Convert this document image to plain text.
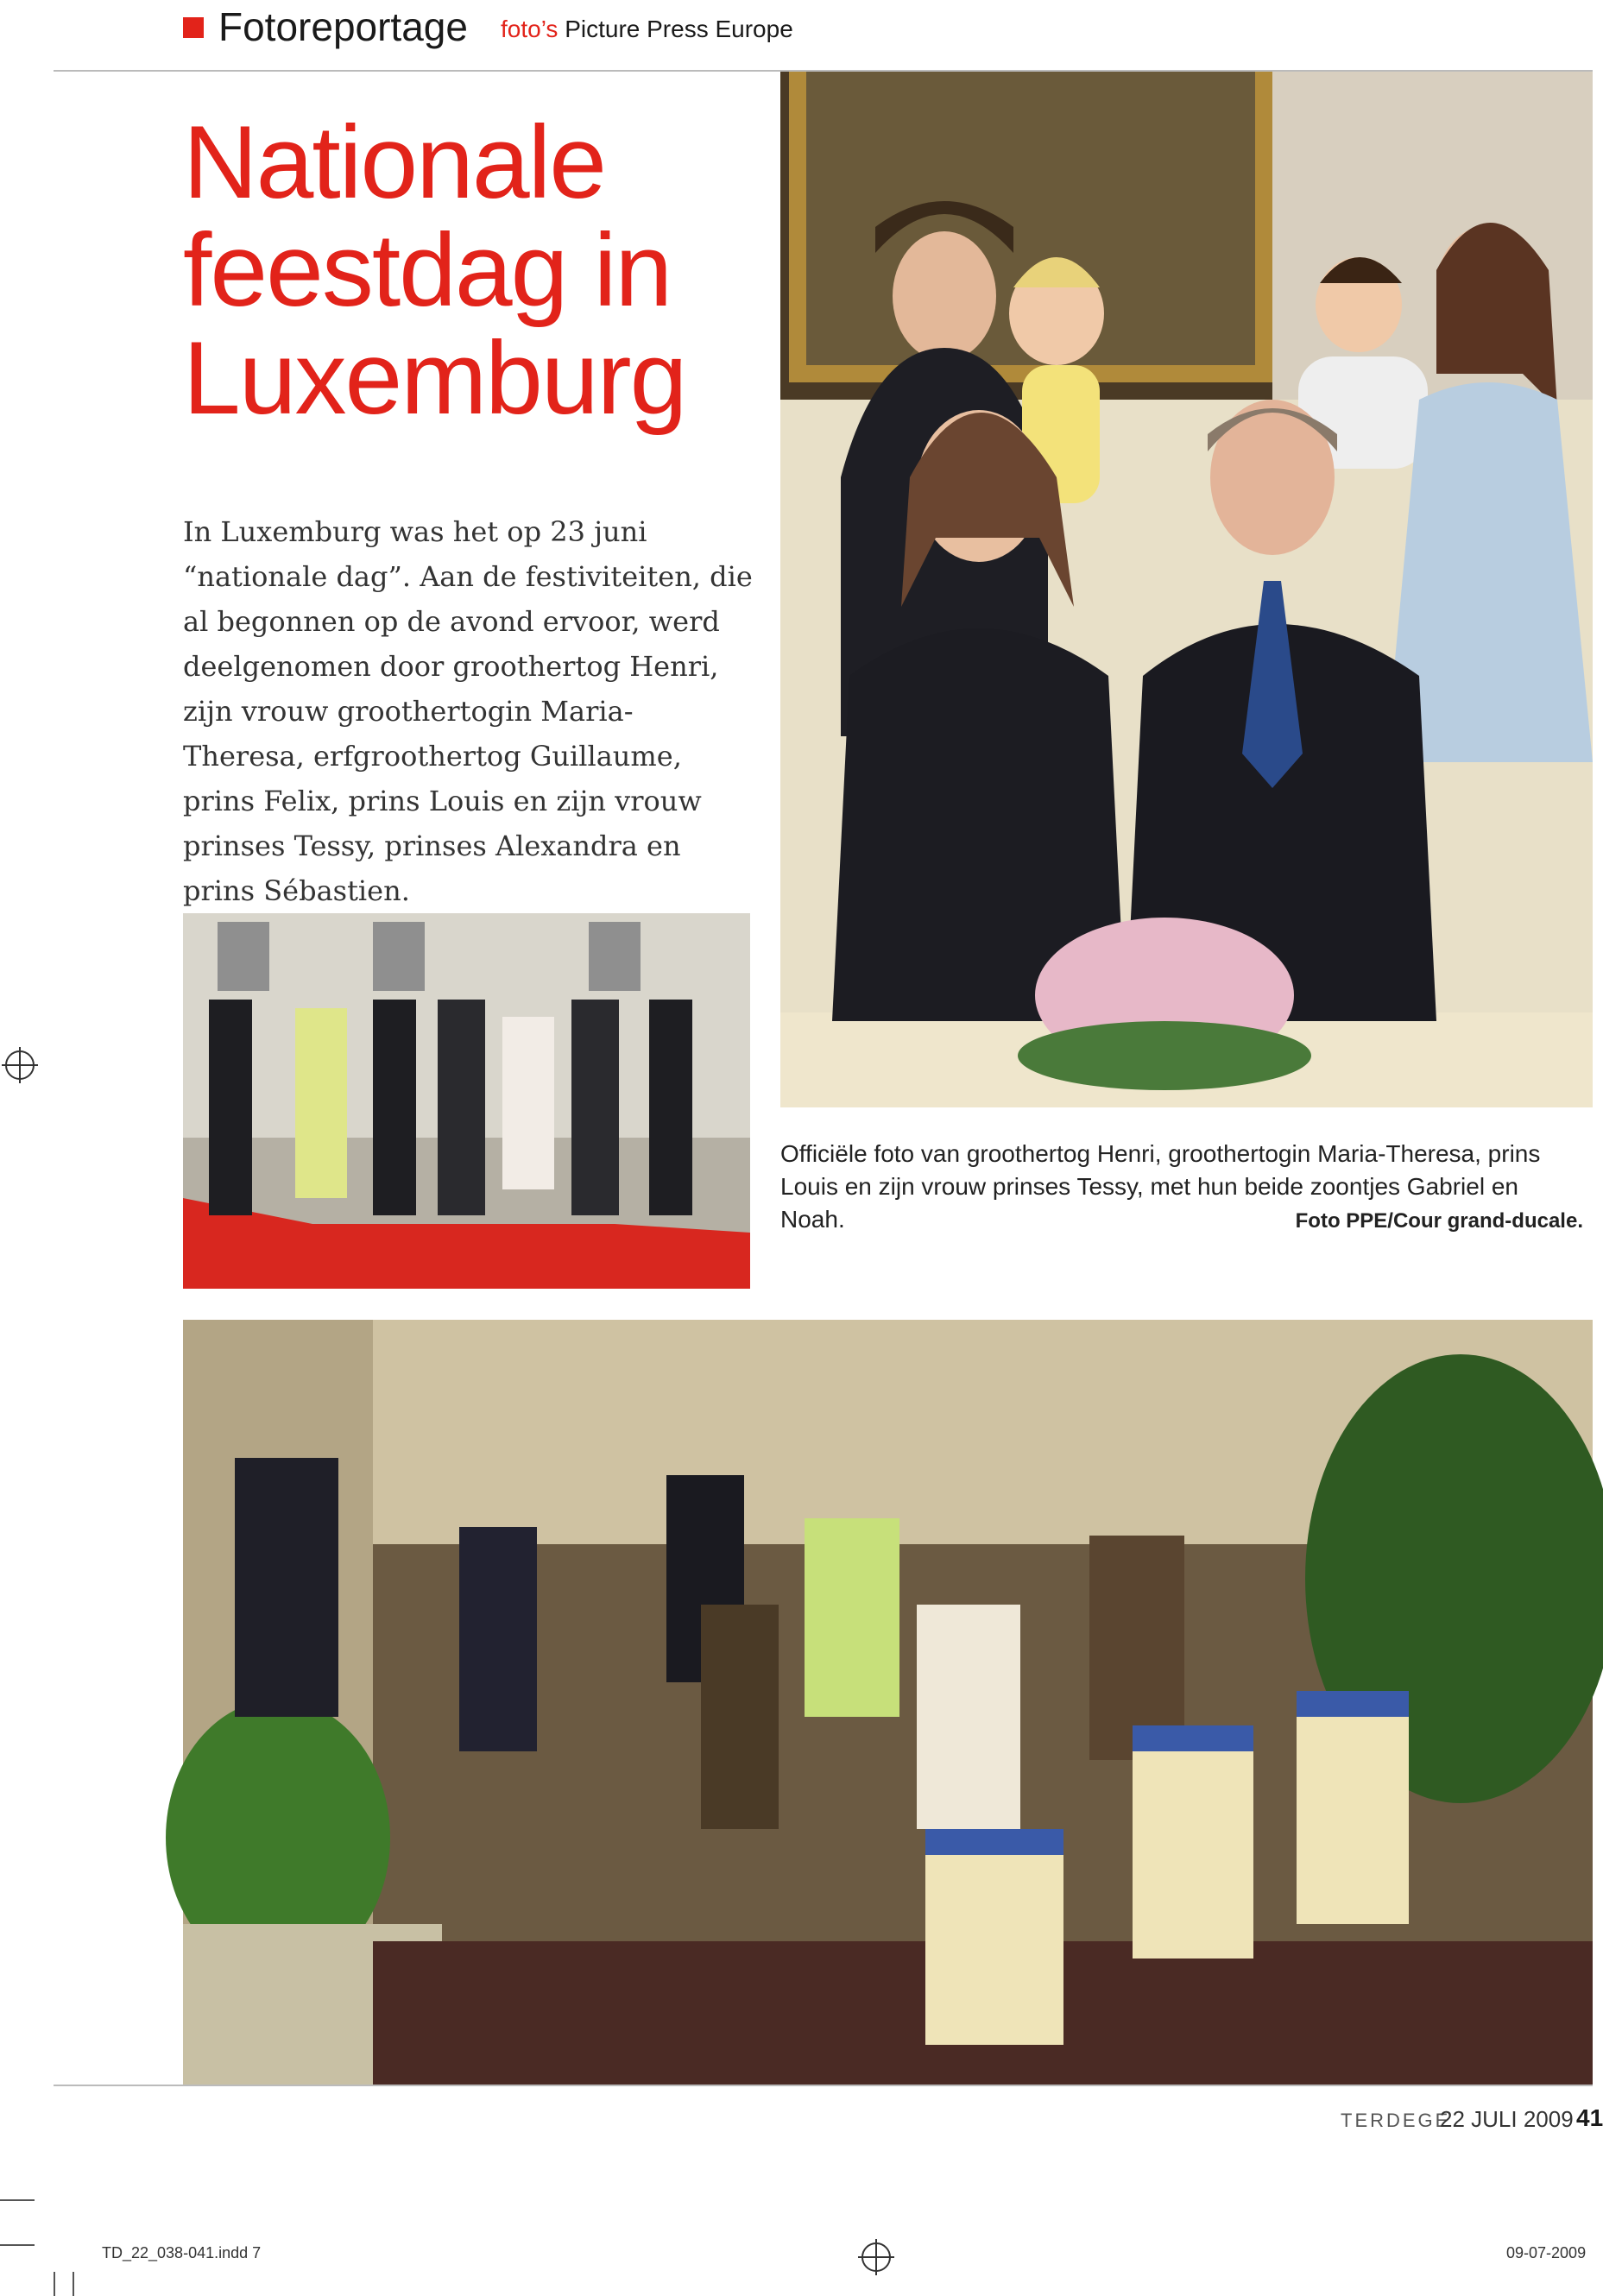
Fotoreportage foto’s Picture Press Europe
Nationale
feestdag in
Luxemburg
In Luxemburg was het op 23 juni “nationale dag”. Aan de festiviteiten, die al begonnen op de avond ervoor, werd deelgenomen door groothertog Henri, zijn vrouw groothertogin Maria-Theresa, erfgroothertog Guillaume, prins Felix, prins Louis en zijn vrouw prinses Tessy, prinses Alexandra en prins Sébastien.
Officiële foto van groothertog Henri, groothertogin Maria-Theresa, prins Louis en zijn vrouw prinses Tessy, met hun beide zoontjes Gabriel en Noah.	Foto PPE/Cour grand-ducale.
TERDEGE
22 JULI 2009 41
TD_22_038-041.indd 7	09-07-2009
